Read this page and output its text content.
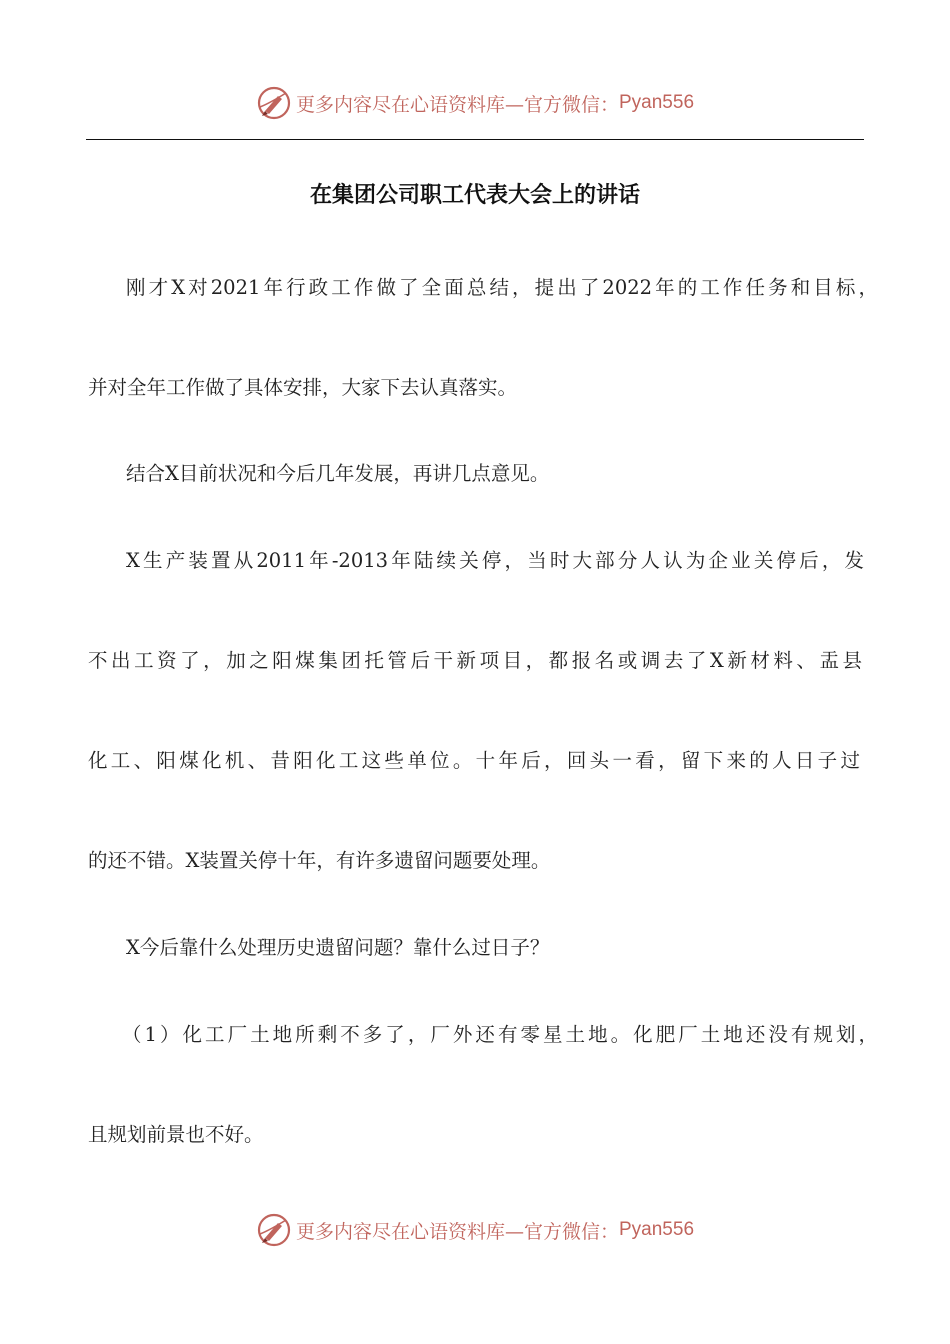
更多内容尽在心语资料库—官方微信： Pyan556
在集团公司职工代表大会上的讲话
刚才X对2021年行政工作做了全面总结，提出了2022年的工作任务和目标，
并对全年工作做了具体安排，大家下去认真落实。
结合X目前状况和今后几年发展，再讲几点意见。
X生产装置从2011年-2013年陆续关停，当时大部分人认为企业关停后，发
不出工资了，加之阳煤集团托管后干新项目，都报名或调去了X新材料、盂县
化工、阳煤化机、昔阳化工这些单位。十年后，回头一看，留下来的人日子过
的还不错。X装置关停十年，有许多遗留问题要处理。
X今后靠什么处理历史遗留问题？靠什么过日子？
（1）化工厂土地所剩不多了，厂外还有零星土地。化肥厂土地还没有规划，
且规划前景也不好。
更多内容尽在心语资料库—官方微信： Pyan556
